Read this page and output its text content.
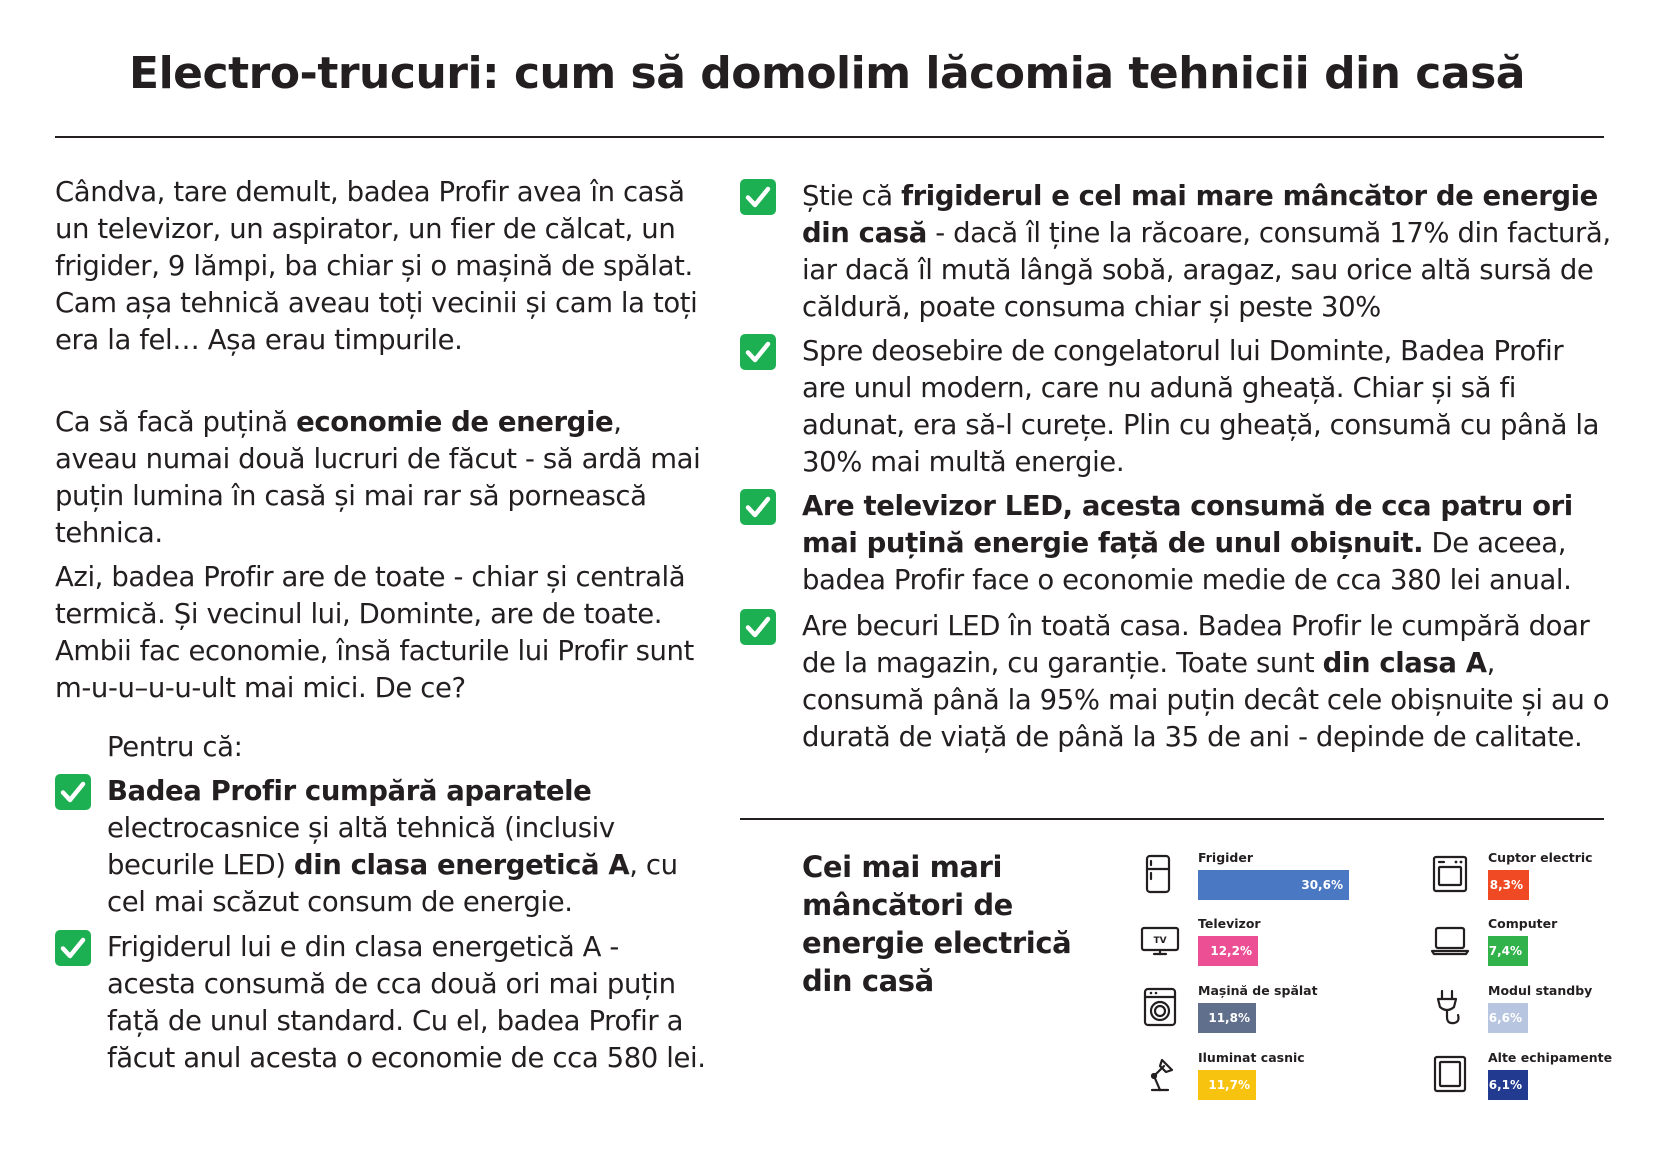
Electro-trucuri: cum să domolim lăcomia tehnicii din casă

Cândva, tare demult, badea Profir avea în casă un televizor, un aspirator, un fier de călcat, un frigider, 9 lămpi, ba chiar și o mașină de spălat. Cam așa tehnică aveau toți vecinii și cam la toți era la fel… Așa erau timpurile.

Ca să facă puțină economie de energie, aveau numai două lucruri de făcut - să ardă mai puțin lumina în casă și mai rar să pornească tehnica.

Azi, badea Profir are de toate - chiar și centrală termică. Și vecinul lui, Dominte, are de toate. Ambii fac economie, însă facturile lui Profir sunt m-u-u–u-u-ult mai mici. De ce?

Pentru că:

Badea Profir cumpără aparatele electrocasnice și altă tehnică (inclusiv becurile LED) din clasa energetică A, cu cel mai scăzut consum de energie.

Frigiderul lui e din clasa energetică A - acesta consumă de cca două ori mai puțin față de unul standard. Cu el, badea Profir a făcut anul acesta o economie de cca 580 lei.

Știe că frigiderul e cel mai mare mâncător de energie din casă - dacă îl ține la răcoare, consumă 17% din factură, iar dacă îl mută lângă sobă, aragaz, sau orice altă sursă de căldură, poate consuma chiar și peste 30%

Spre deosebire de congelatorul lui Dominte, Badea Profir are unul modern, care nu adună gheață. Chiar și să fi adunat, era să-l curețe. Plin cu gheață, consumă cu până la 30% mai multă energie.

Are televizor LED, acesta consumă de cca patru ori mai puțină energie față de unul obișnuit. De aceea, badea Profir face o economie medie de cca 380 lei anual.

Are becuri LED în toată casa. Badea Profir le cumpără doar de la magazin, cu garanție. Toate sunt din clasa A, consumă până la 95% mai puțin decât cele obișnuite și au o durată de viață de până la 35 de ani - depinde de calitate.

Cei mai mari mâncători de energie electrică din casă
Frigider
30,6%
TV
Televizor
12,2%
Mașină de spălat
11,8%
Iluminat casnic
11,7%
Cuptor electric
8,3%
Computer
7,4%
Modul standby
6,6%
Alte echipamente
6,1%
